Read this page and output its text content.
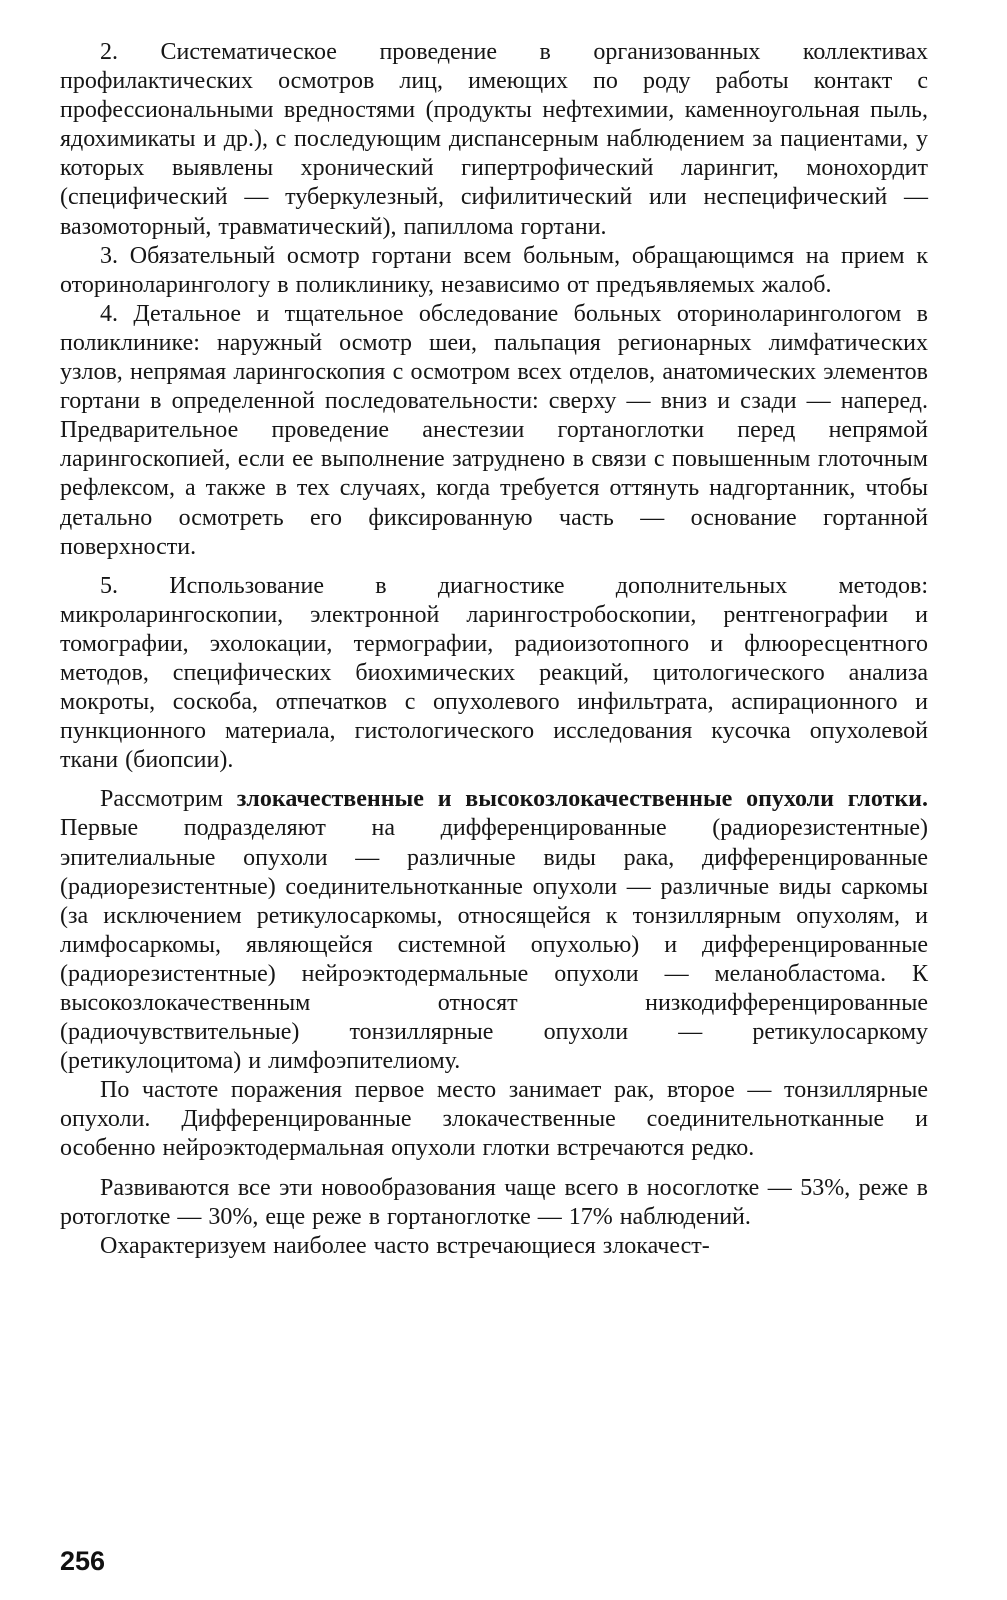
2. Систематическое проведение в организованных коллективах профилактических осмотров лиц, имеющих по роду работы контакт с профессиональными вредностями (продукты нефтехимии, каменноугольная пыль, ядохимикаты и др.), с последующим диспансерным наблюдением за пациентами, у которых выявлены хронический гипертрофический ларингит, монохордит (специфический — туберкулезный, сифилитический или неспецифический — вазомоторный, травматический), папиллома гортани.

3. Обязательный осмотр гортани всем больным, обращающимся на прием к оториноларингологу в поликлинику, независимо от предъявляемых жалоб.

4. Детальное и тщательное обследование больных оториноларингологом в поликлинике: наружный осмотр шеи, пальпация регионарных лимфатических узлов, непрямая ларингоскопия с осмотром всех отделов, анатомических элементов гортани в определенной последовательности: сверху — вниз и сзади — наперед. Предварительное проведение анестезии гортаноглотки перед непрямой ларингоскопией, если ее выполнение затруднено в связи с повышенным глоточным рефлексом, а также в тех случаях, когда требуется оттянуть надгортанник, чтобы детально осмотреть его фиксированную часть — основание гортанной поверхности.

5. Использование в диагностике дополнительных методов: микроларингоскопии, электронной ларингостробоскопии, рентгенографии и томографии, эхолокации, термографии, радиоизотопного и флюоресцентного методов, специфических биохимических реакций, цитологического анализа мокроты, соскоба, отпечатков с опухолевого инфильтрата, аспирационного и пункционного материала, гистологического исследования кусочка опухолевой ткани (биопсии).

Рассмотрим злокачественные и высокозлокачественные опухоли глотки. Первые подразделяют на дифференцированные (радиорезистентные) эпителиальные опухоли — различные виды рака, дифференцированные (радиорезистентные) соединительнотканные опухоли — различные виды саркомы (за исключением ретикулосаркомы, относящейся к тонзиллярным опухолям, и лимфосаркомы, являющейся системной опухолью) и дифференцированные (радиорезистентные) нейроэктодермальные опухоли — меланобластома. К высокозлокачественным относят низкодифференцированные (радиочувствительные) тонзиллярные опухоли — ретикулосаркому (ретикулоцитома) и лимфоэпителиому.

По частоте поражения первое место занимает рак, второе — тонзиллярные опухоли. Дифференцированные злокачественные соединительнотканные и особенно нейроэктодермальная опухоли глотки встречаются редко.

Развиваются все эти новообразования чаще всего в носоглотке — 53%, реже в ротоглотке — 30%, еще реже в гортаноглотке — 17% наблюдений.

Охарактеризуем наиболее часто встречающиеся злокачест-

256
